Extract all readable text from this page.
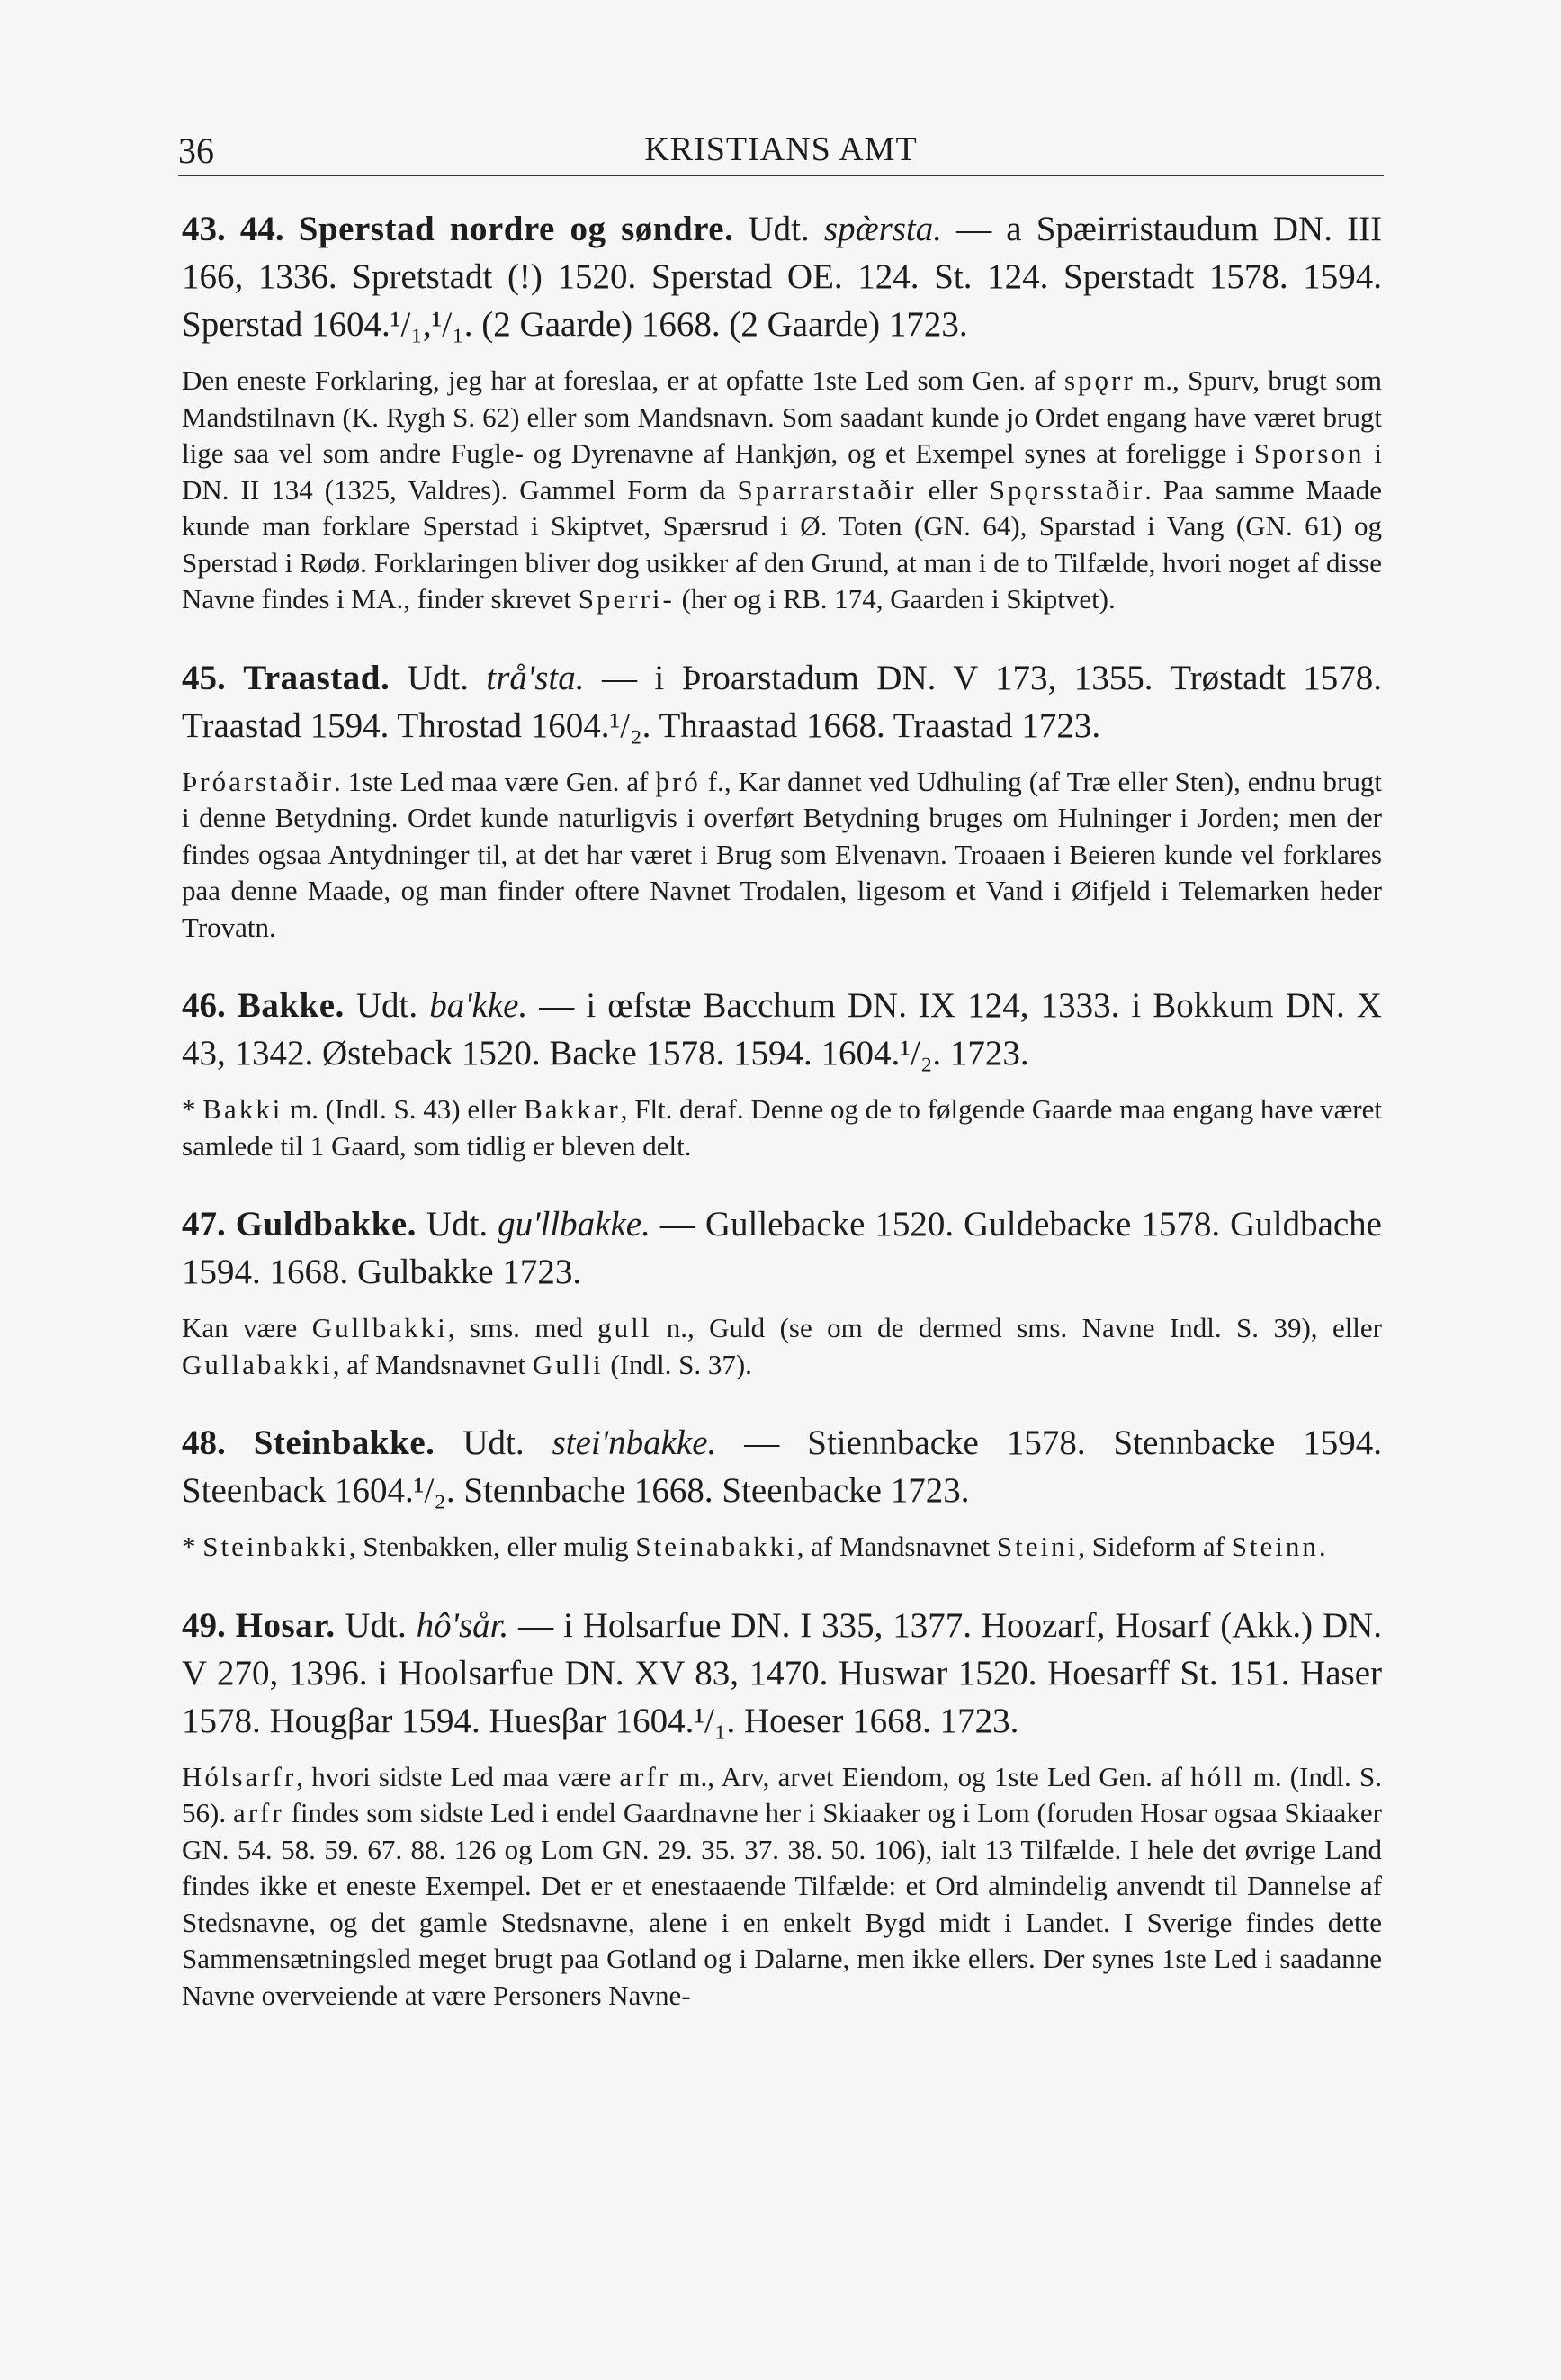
36	KRISTIANS AMT

43. 44. Sperstad nordre og søndre. Udt. spæ̀rsta. — a Spæirristaudum DN. III 166, 1336. Spretstadt (!) 1520. Sperstad OE. 124. St. 124. Sperstadt 1578. 1594. Sperstad 1604.¹/₁,¹/₁. (2 Gaarde) 1668. (2 Gaarde) 1723.

Den eneste Forklaring, jeg har at foreslaa, er at opfatte 1ste Led som Gen. af spǫrr m., Spurv, brugt som Mandstilnavn (K. Rygh S. 62) eller som Mandsnavn. Som saadant kunde jo Ordet engang have været brugt lige saa vel som andre Fugle- og Dyrenavne af Hankjøn, og et Exempel synes at foreligge i Sporson i DN. II 134 (1325, Valdres). Gammel Form da Sparrarstaðir eller Spǫrsstaðir. Paa samme Maade kunde man forklare Sperstad i Skiptvet, Spærsrud i Ø. Toten (GN. 64), Sparstad i Vang (GN. 61) og Sperstad i Rødø. Forklaringen bliver dog usikker af den Grund, at man i de to Tilfælde, hvori noget af disse Navne findes i MA., finder skrevet Sperri- (her og i RB. 174, Gaarden i Skiptvet).

45. Traastad. Udt. trå'sta. — i Þroarstadum DN. V 173, 1355. Trøstadt 1578. Traastad 1594. Throstad 1604.¹/₂. Thraastad 1668. Traastad 1723.

Þróarstaðir. 1ste Led maa være Gen. af þró f., Kar dannet ved Udhuling (af Træ eller Sten), endnu brugt i denne Betydning. Ordet kunde naturligvis i overført Betydning bruges om Hulninger i Jorden; men der findes ogsaa Antydninger til, at det har været i Brug som Elvenavn. Troaaen i Beieren kunde vel forklares paa denne Maade, og man finder oftere Navnet Trodalen, ligesom et Vand i Øifjeld i Telemarken heder Trovatn.

46. Bakke. Udt. ba'kke. — i œfstæ Bacchum DN. IX 124, 1333. i Bokkum DN. X 43, 1342. Østeback 1520. Backe 1578. 1594. 1604.¹/₂. 1723.

* Bakki m. (Indl. S. 43) eller Bakkar, Flt. deraf. Denne og de to følgende Gaarde maa engang have været samlede til 1 Gaard, som tidlig er bleven delt.

47. Guldbakke. Udt. gu'llbakke. — Gullebacke 1520. Guldebacke 1578. Guldbache 1594. 1668. Gulbakke 1723.

Kan være Gullbakki, sms. med gull n., Guld (se om de dermed sms. Navne Indl. S. 39), eller Gullabakki, af Mandsnavnet Gulli (Indl. S. 37).

48. Steinbakke. Udt. stei'nbakke. — Stiennbacke 1578. Stennbacke 1594. Steenback 1604.¹/₂. Stennbache 1668. Steenbacke 1723.

* Steinbakki, Stenbakken, eller mulig Steinabakki, af Mandsnavnet Steini, Sideform af Steinn.

49. Hosar. Udt. hô'sår. — i Holsarfue DN. I 335, 1377. Hoozarf, Hosarf (Akk.) DN. V 270, 1396. i Hoolsarfue DN. XV 83, 1470. Huswar 1520. Hoesarff St. 151. Haser 1578. Hougβar 1594. Huesβar 1604.¹/₁. Hoeser 1668. 1723.

Hólsarfr, hvori sidste Led maa være arfr m., Arv, arvet Eiendom, og 1ste Led Gen. af hóll m. (Indl. S. 56). arfr findes som sidste Led i endel Gaardnavne her i Skiaaker og i Lom (foruden Hosar ogsaa Skiaaker GN. 54. 58. 59. 67. 88. 126 og Lom GN. 29. 35. 37. 38. 50. 106), ialt 13 Tilfælde. I hele det øvrige Land findes ikke et eneste Exempel. Det er et enestaaende Tilfælde: et Ord almindelig anvendt til Dannelse af Stedsnavne, og det gamle Stedsnavne, alene i en enkelt Bygd midt i Landet. I Sverige findes dette Sammensætningsled meget brugt paa Gotland og i Dalarne, men ikke ellers. Der synes 1ste Led i saadanne Navne overveiende at være Personers Navne-
